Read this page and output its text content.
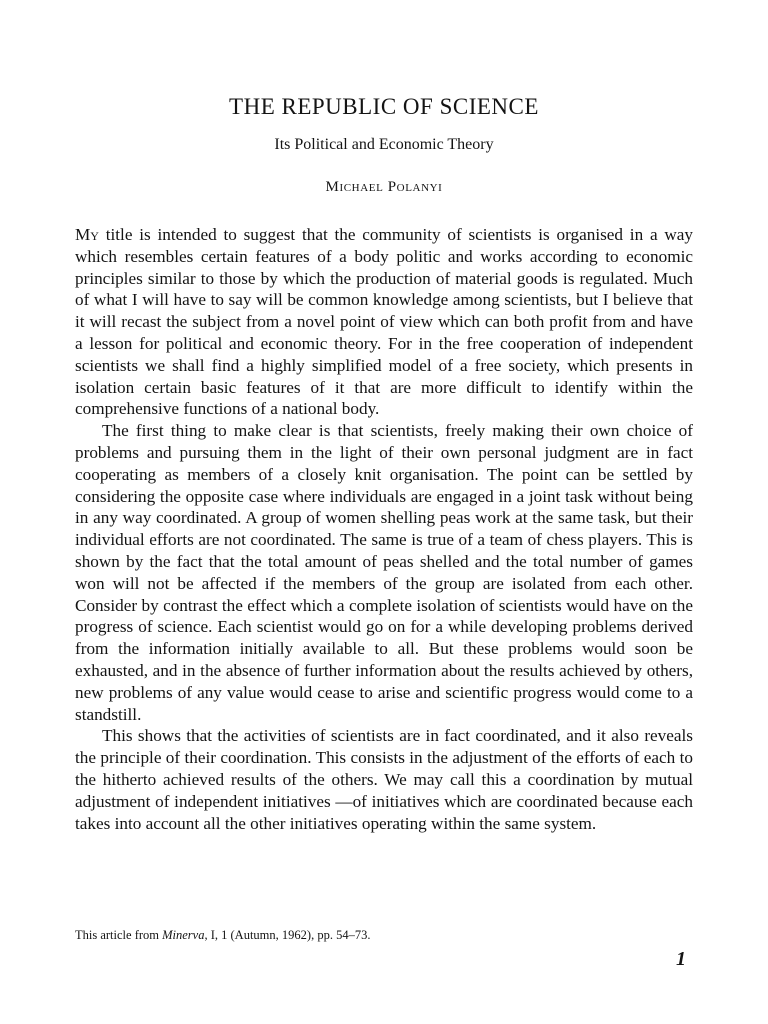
THE REPUBLIC OF SCIENCE
Its Political and Economic Theory
Michael Polanyi

My title is intended to suggest that the community of scientists is organised in a way which resembles certain features of a body politic and works according to economic principles similar to those by which the production of material goods is regulated. Much of what I will have to say will be common knowledge among scientists, but I believe that it will recast the subject from a novel point of view which can both profit from and have a lesson for political and economic theory. For in the free cooperation of independent scientists we shall find a highly simplified model of a free society, which presents in isolation certain basic features of it that are more difficult to identify within the comprehensive functions of a national body.

The first thing to make clear is that scientists, freely making their own choice of problems and pursuing them in the light of their own personal judgment are in fact cooperating as members of a closely knit organisation. The point can be settled by considering the opposite case where individuals are engaged in a joint task without being in any way coordinated. A group of women shelling peas work at the same task, but their individual efforts are not coordinated. The same is true of a team of chess players. This is shown by the fact that the total amount of peas shelled and the total number of games won will not be affected if the members of the group are isolated from each other. Consider by contrast the effect which a complete isolation of scientists would have on the progress of science. Each scientist would go on for a while developing problems derived from the information initially available to all. But these problems would soon be exhausted, and in the absence of further information about the results achieved by others, new problems of any value would cease to arise and scientific progress would come to a standstill.

This shows that the activities of scientists are in fact coordinated, and it also reveals the principle of their coordination. This consists in the adjustment of the efforts of each to the hitherto achieved results of the others. We may call this a coordination by mutual adjustment of independent initiatives —of initiatives which are coordinated because each takes into account all the other initiatives operating within the same system.

This article from Minerva, I, 1 (Autumn, 1962), pp. 54–73.
1
